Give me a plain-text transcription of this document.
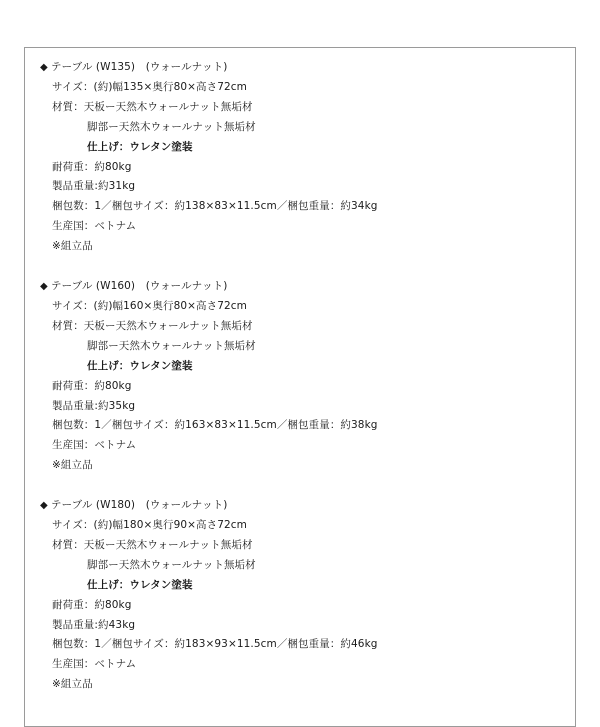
◆ テーブル (W135)　(ウォールナット)
サイズ：(約)幅135×奥行80×高さ72cm
材質：天板ー天然木ウォールナット無垢材
脚部ー天然木ウォールナット無垢材
仕上げ：ウレタン塗装
耐荷重：約80kg
製品重量:約31kg
梱包数：1／梱包サイズ：約138×83×11.5cm／梱包重量：約34kg
生産国：ベトナム
※組立品
◆ テーブル (W160)　(ウォールナット)
サイズ：(約)幅160×奥行80×高さ72cm
材質：天板ー天然木ウォールナット無垢材
脚部ー天然木ウォールナット無垢材
仕上げ：ウレタン塗装
耐荷重：約80kg
製品重量:約35kg
梱包数：1／梱包サイズ：約163×83×11.5cm／梱包重量：約38kg
生産国：ベトナム
※組立品
◆ テーブル (W180)　(ウォールナット)
サイズ：(約)幅180×奥行90×高さ72cm
材質：天板ー天然木ウォールナット無垢材
脚部ー天然木ウォールナット無垢材
仕上げ：ウレタン塗装
耐荷重：約80kg
製品重量:約43kg
梱包数：1／梱包サイズ：約183×93×11.5cm／梱包重量：約46kg
生産国：ベトナム
※組立品
